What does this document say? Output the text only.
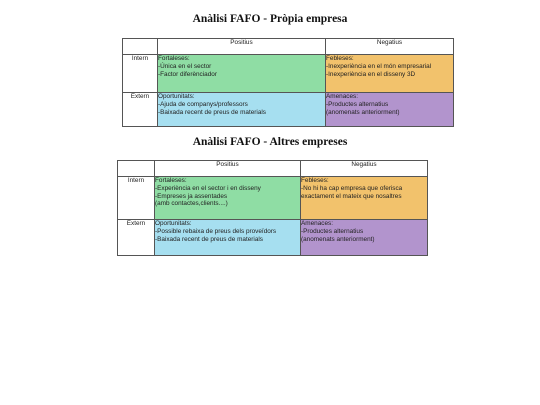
Anàlisi FAFO - Pròpia empresa
	Positius	Negatius
Intern	Fortaleses:
-Única en el sector
-Factor diferènciador	Febleses:
-Inexperiència en el món empresarial
-Inexperiència en el disseny 3D

Extern	Oportunitats:
-Ajuda de companys/professors
-Baixada recent de preus de materials	Amenaces:
-Productes alternatius
(anomenats anteriorment)
Anàlisi FAFO - Altres empreses
	Positius	Negatius
Intern	Fortaleses:
-Experiència en el sector i en disseny
-Empreses ja assentades
(amb contactes,clients....)	Febleses:
-No hi ha cap empresa que oferisca
exactament el mateix que nosaltres

Extern	Oportunitats:
-Possible rebaixa de preus dels proveïdors
-Baixada recent de preus de materials	Amenaces:
-Productes alternatius
(anomenats anteriorment)
